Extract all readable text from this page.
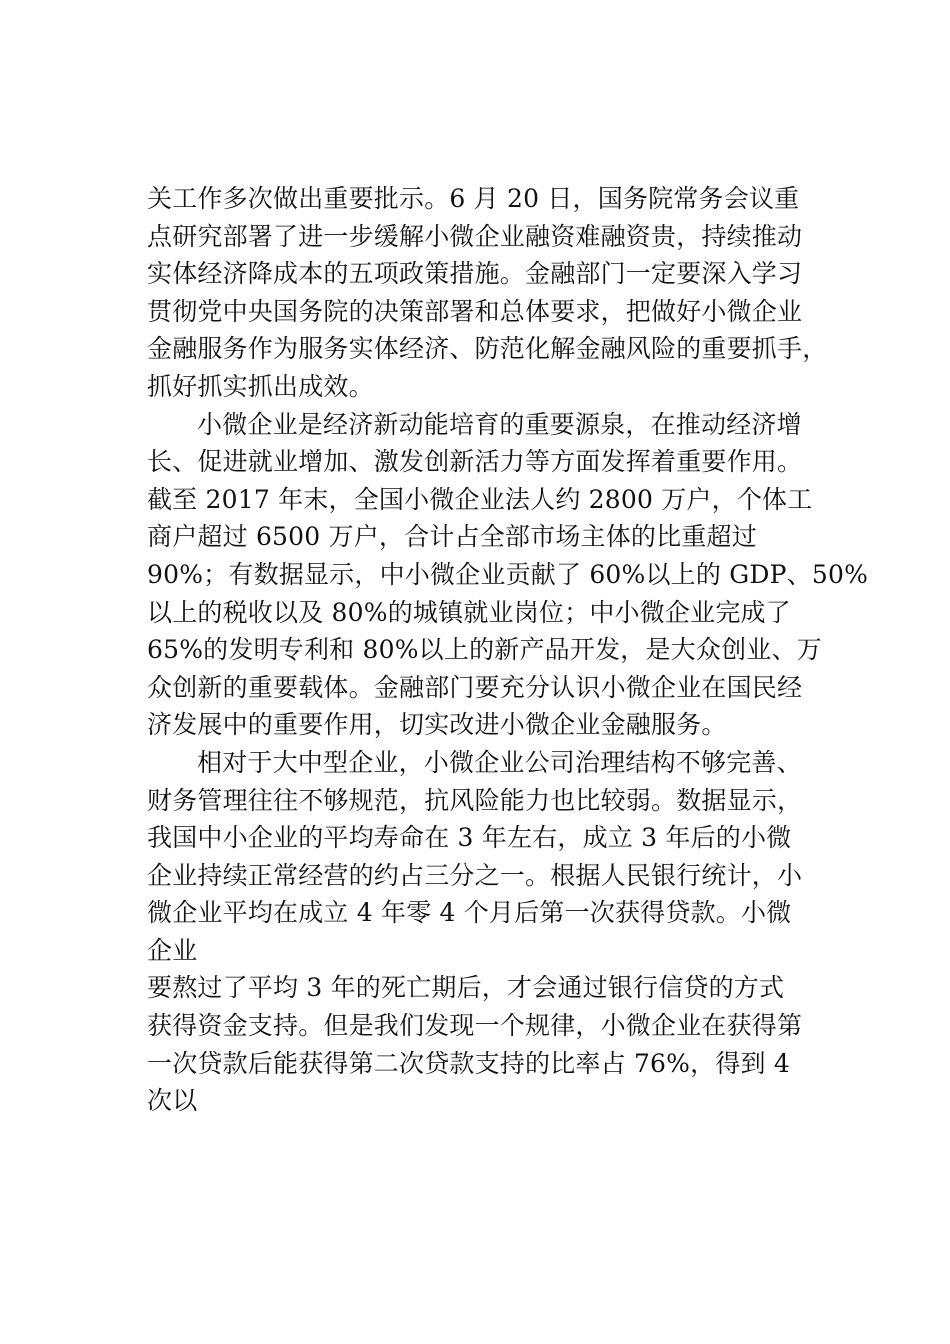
关工作多次做出重要批示。6 月 20 日，国务院常务会议重
点研究部署了进一步缓解小微企业融资难融资贵，持续推动
实体经济降成本的五项政策措施。金融部门一定要深入学习
贯彻党中央国务院的决策部署和总体要求，把做好小微企业
金融服务作为服务实体经济、防范化解金融风险的重要抓手，
抓好抓实抓出成效。
小微企业是经济新动能培育的重要源泉，在推动经济增
长、促进就业增加、激发创新活力等方面发挥着重要作用。
截至 2017 年末，全国小微企业法人约 2800 万户，个体工
商户超过 6500 万户，合计占全部市场主体的比重超过
90%；有数据显示，中小微企业贡献了 60%以上的 GDP、50%
以上的税收以及 80%的城镇就业岗位；中小微企业完成了
65%的发明专利和 80%以上的新产品开发，是大众创业、万
众创新的重要载体。金融部门要充分认识小微企业在国民经
济发展中的重要作用，切实改进小微企业金融服务。
相对于大中型企业，小微企业公司治理结构不够完善、
财务管理往往不够规范，抗风险能力也比较弱。数据显示，
我国中小企业的平均寿命在 3 年左右，成立 3 年后的小微
企业持续正常经营的约占三分之一。根据人民银行统计，小
微企业平均在成立 4 年零 4 个月后第一次获得贷款。小微
企业
要熬过了平均 3 年的死亡期后，才会通过银行信贷的方式
获得资金支持。但是我们发现一个规律，小微企业在获得第
一次贷款后能获得第二次贷款支持的比率占 76%，得到 4
次以
